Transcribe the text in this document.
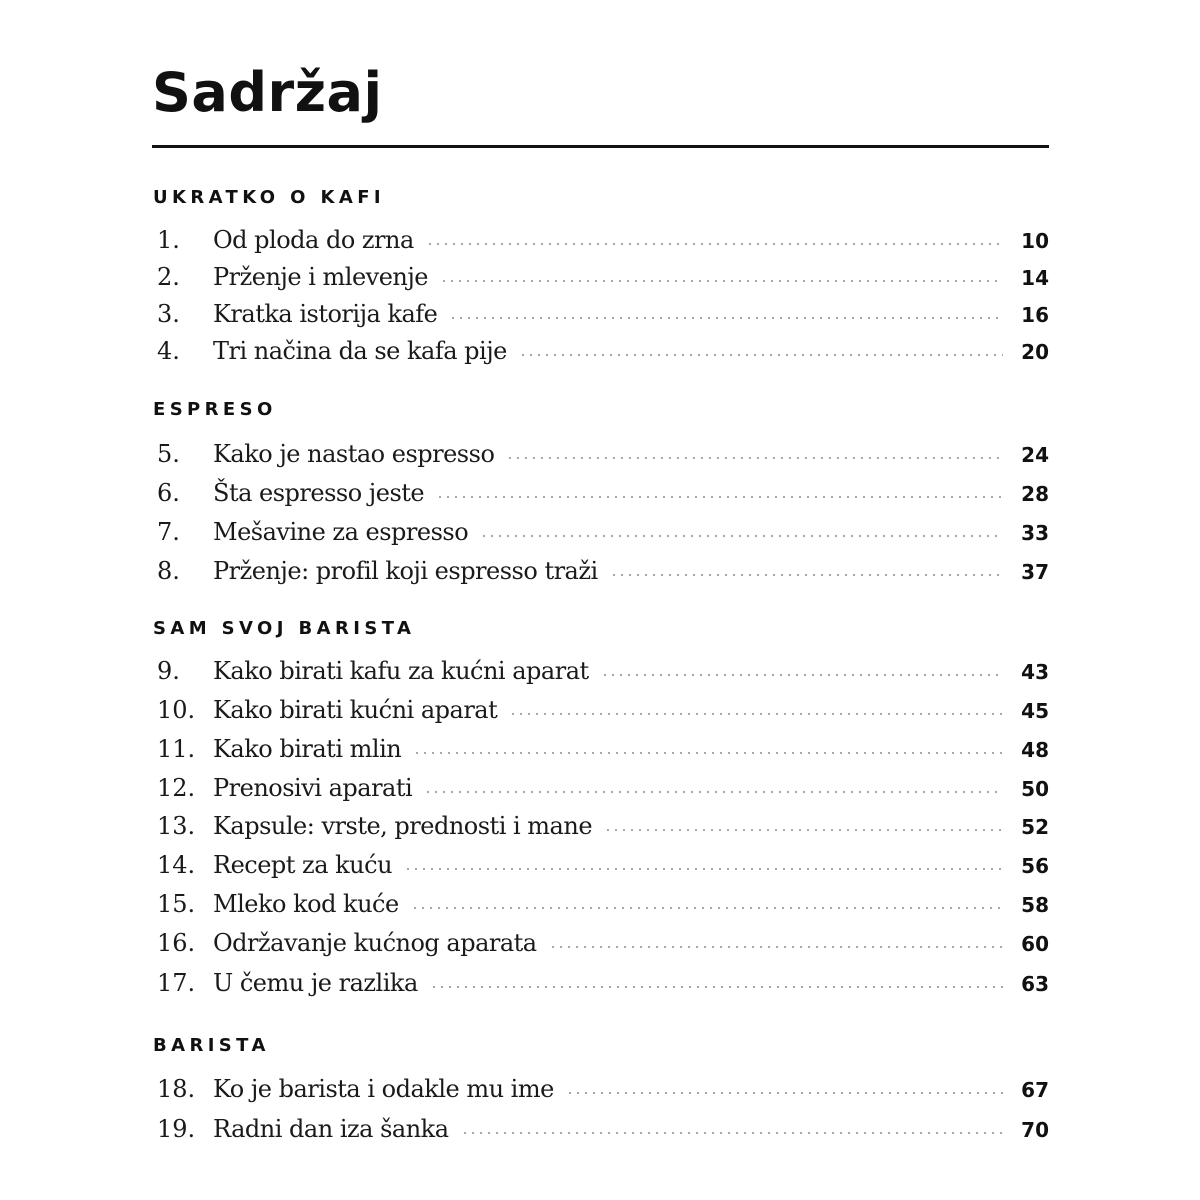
Sadržaj
UKRATKO O KAFI
1.	Od ploda do zrna	10
2.	Prženje i mlevenje	14
3.	Kratka istorija kafe	16
4.	Tri načina da se kafa pije	20
ESPRESO
5.	Kako je nastao espresso	24
6.	Šta espresso jeste	28
7.	Mešavine za espresso	33
8.	Prženje: profil koji espresso traži	37
SAM SVOJ BARISTA
9.	Kako birati kafu za kućni aparat	43
10. Kako birati kućni aparat	45
11. Kako birati mlin	48
12. Prenosivi aparati	50
13. Kapsule: vrste, prednosti i mane	52
14. Recept za kuću	56
15. Mleko kod kuće	58
16. Održavanje kućnog aparata	60
17. U čemu je razlika	63
BARISTA
18. Ko je barista i odakle mu ime	67
19. Radni dan iza šanka	70
